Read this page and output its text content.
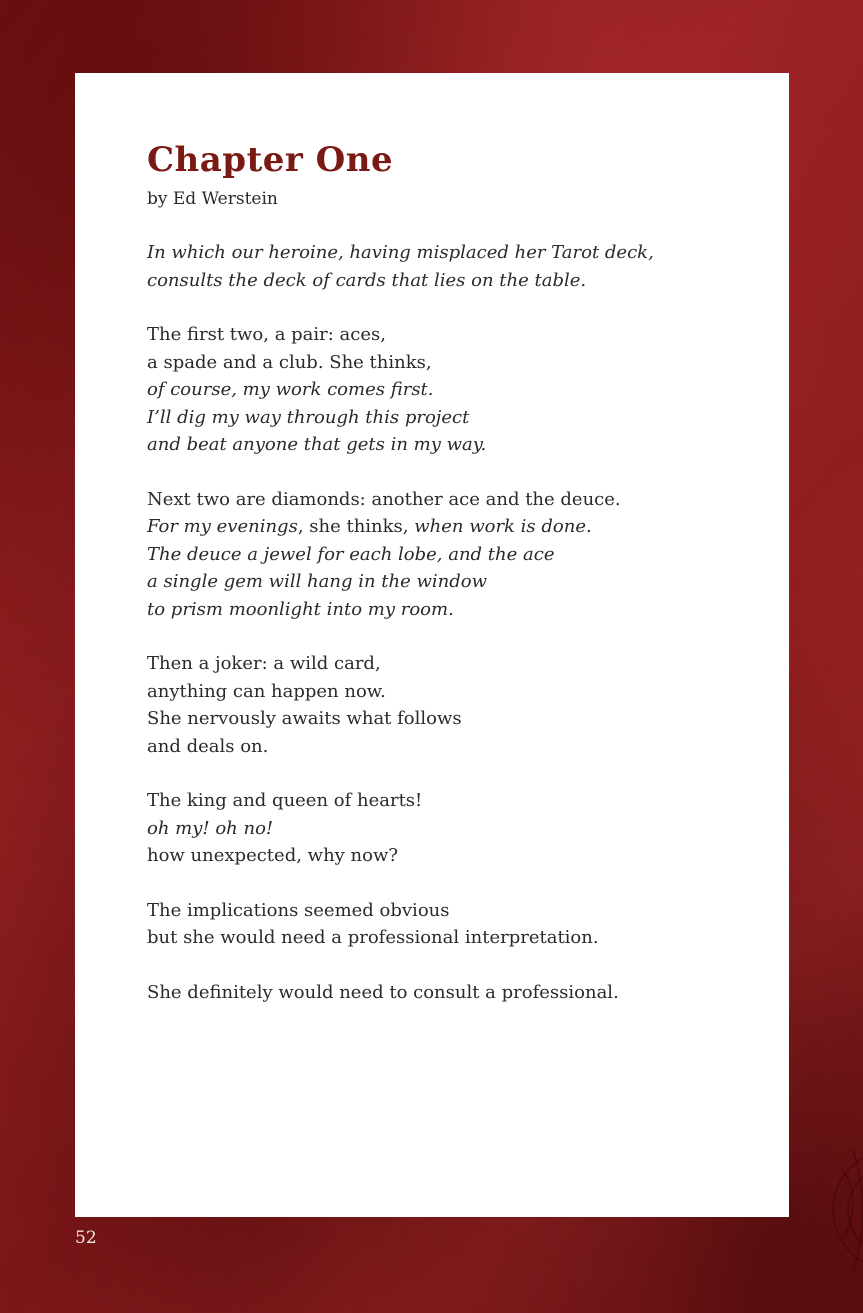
Chapter One

by Ed Werstein

In which our heroine, having misplaced her Tarot deck,
consults the deck of cards that lies on the table.
The first two, a pair: aces,
a spade and a club. She thinks,
of course, my work comes first.
I’ll dig my way through this project
and beat anyone that gets in my way.
Next two are diamonds: another ace and the deuce.
For my evenings, she thinks, when work is done.
The deuce a jewel for each lobe, and the ace
a single gem will hang in the window
to prism moonlight into my room.
Then a joker: a wild card,
anything can happen now.
She nervously awaits what follows
and deals on.
The king and queen of hearts!
oh my! oh no!
how unexpected, why now?
The implications seemed obvious
but she would need a professional interpretation.
She definitely would need to consult a professional.
52
